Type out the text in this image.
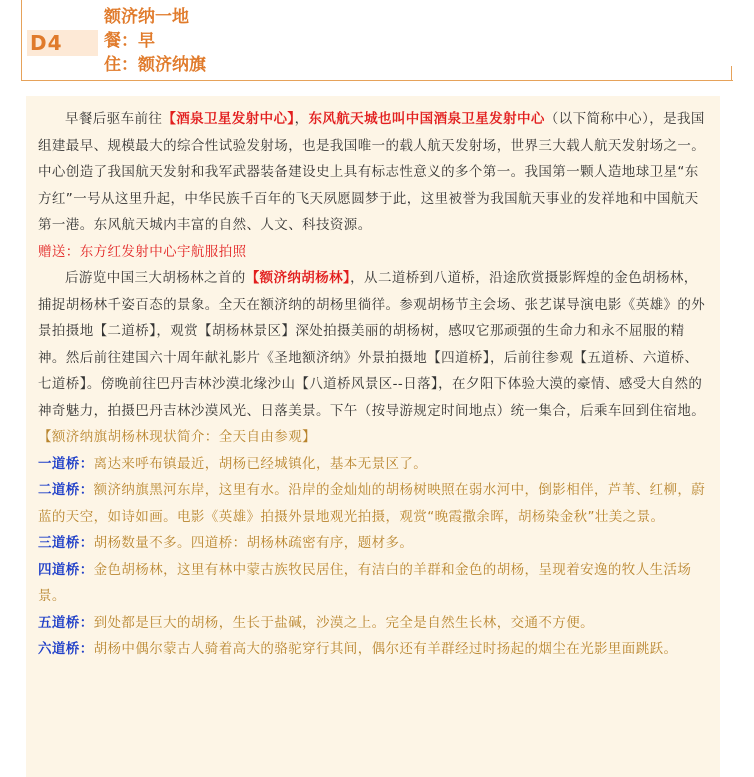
D4
额济纳一地
餐：早
住：额济纳旗

早餐后驱车前往【酒泉卫星发射中心】，东风航天城也叫中国酒泉卫星发射中心（以下简称中心），是我国组建最早、规模最大的综合性试验发射场，也是我国唯一的载人航天发射场，世界三大载人航天发射场之一。中心创造了我国航天发射和我军武器装备建设史上具有标志性意义的多个第一。我国第一颗人造地球卫星“东方红”一号从这里升起，中华民族千百年的飞天夙愿圆梦于此，这里被誉为我国航天事业的发祥地和中国航天第一港。东风航天城内丰富的自然、人文、科技资源。

赠送：东方红发射中心宇航服拍照

后游览中国三大胡杨林之首的【额济纳胡杨林】，从二道桥到八道桥，沿途欣赏摄影辉煌的金色胡杨林，捕捉胡杨林千姿百态的景象。全天在额济纳的胡杨里徜徉。参观胡杨节主会场、张艺谋导演电影《英雄》的外景拍摄地【二道桥】，观赏【胡杨林景区】深处拍摄美丽的胡杨树，感叹它那顽强的生命力和永不屈服的精神。然后前往建国六十周年献礼影片《圣地额济纳》外景拍摄地【四道桥】，后前往参观【五道桥、六道桥、七道桥】。傍晚前往巴丹吉林沙漠北缘沙山【八道桥风景区--日落】，在夕阳下体验大漠的豪情、感受大自然的神奇魅力，拍摄巴丹吉林沙漠风光、日落美景。下午（按导游规定时间地点）统一集合，后乘车回到住宿地。

【额济纳旗胡杨林现状简介：全天自由参观】

一道桥：离达来呼布镇最近，胡杨已经城镇化，基本无景区了。

二道桥：额济纳旗黑河东岸，这里有水。沿岸的金灿灿的胡杨树映照在弱水河中，倒影相伴，芦苇、红柳，蔚蓝的天空，如诗如画。电影《英雄》拍摄外景地观光拍摄，观赏“晚霞撒余晖，胡杨染金秋”壮美之景。

三道桥：胡杨数量不多。四道桥：胡杨林疏密有序，题材多。

四道桥：金色胡杨林，这里有林中蒙古族牧民居住，有洁白的羊群和金色的胡杨，呈现着安逸的牧人生活场景。

五道桥：到处都是巨大的胡杨，生长于盐碱，沙漠之上。完全是自然生长林，交通不方便。

六道桥：胡杨中偶尔蒙古人骑着高大的骆驼穿行其间，偶尔还有羊群经过时扬起的烟尘在光影里面跳跃。
